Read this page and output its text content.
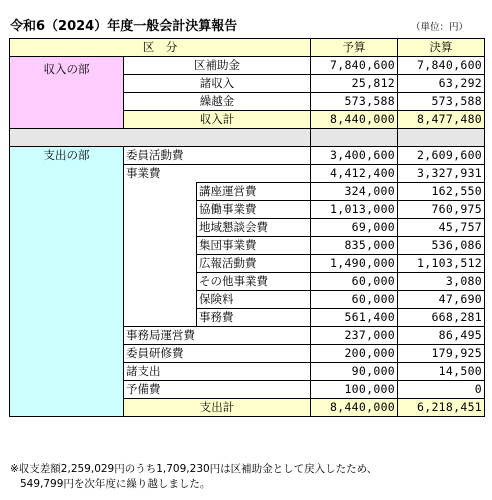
令和6（2024）年度一般会計決算報告	（単位：円）
区　分			予算	決算
収入の部	区補助金		7,840,600	7,840,600
	諸収入		25,812	63,292
	繰越金		573,588	573,588
	収入計		8,440,000	8,477,480

支出の部	委員活動費		3,400,600	2,609,600
	事業費		4,412,400	3,327,931
		講座運営費	324,000	162,550
		協働事業費	1,013,000	760,975
		地域懇談会費	69,000	45,757
		集団事業費	835,000	536,086
		広報活動費	1,490,000	1,103,512
		その他事業費	60,000	3,080
		保険料	60,000	47,690
		事務費	561,400	668,281
	事務局運営費		237,000	86,495
	委員研修費		200,000	179,925
	諸支出		90,000	14,500
	予備費		100,000	0
	支出計		8,440,000	6,218,451
※収支差額2,259,029円のうち1,709,230円は区補助金として戻入したため、
549,799円を次年度に繰り越しました。
